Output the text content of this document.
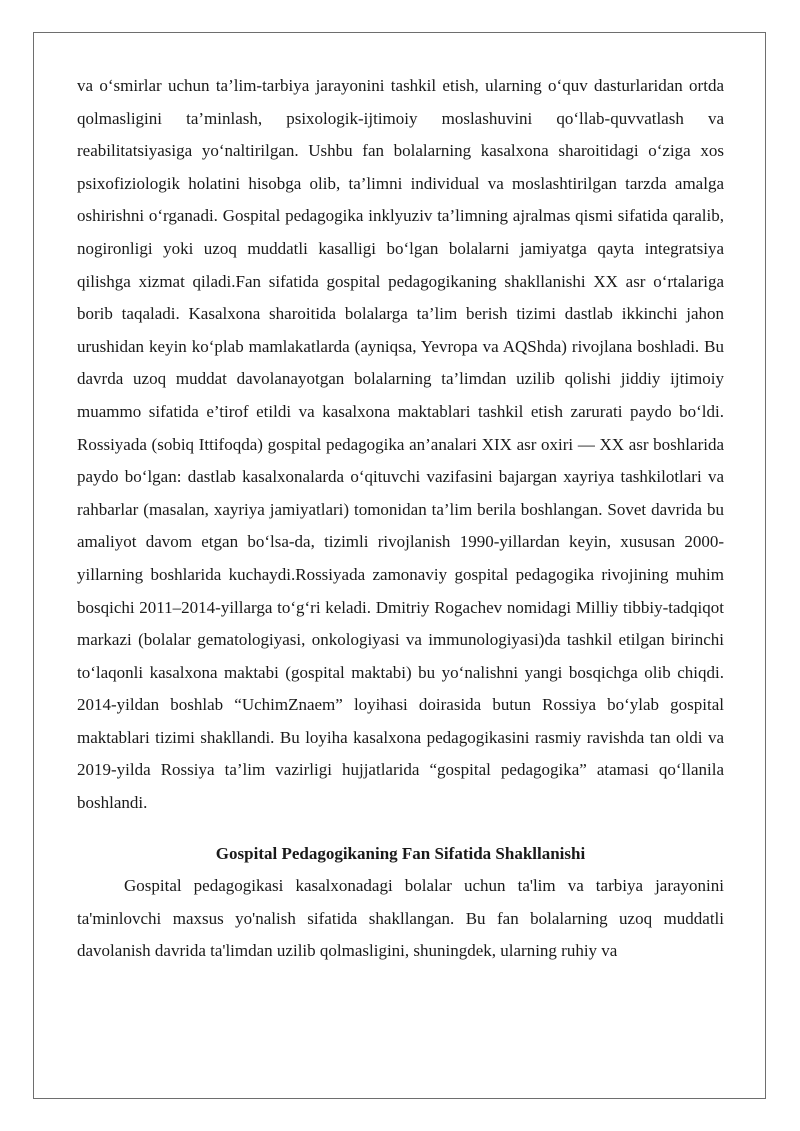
va o‘smirlar uchun ta’lim-tarbiya jarayonini tashkil etish, ularning o‘quv dasturlaridan ortda qolmasligini ta’minlash, psixologik-ijtimoiy moslashuvini qo‘llab-quvvatlash va reabilitatsiyasiga yo‘naltirilgan. Ushbu fan bolalarning kasalxona sharoitidagi o‘ziga xos psixofiziologik holatini hisobga olib, ta’limni individual va moslashtirilgan tarzda amalga oshirishni o‘rganadi. Gospital pedagogika inklyuziv ta’limning ajralmas qismi sifatida qaralib, nogironligi yoki uzoq muddatli kasalligi bo‘lgan bolalarni jamiyatga qayta integratsiya qilishga xizmat qiladi.Fan sifatida gospital pedagogikaning shakllanishi XX asr o‘rtalariga borib taqaladi. Kasalxona sharoitida bolalarga ta’lim berish tizimi dastlab ikkinchi jahon urushidan keyin ko‘plab mamlakatlarda (ayniqsa, Yevropa va AQShda) rivojlana boshladi. Bu davrda uzoq muddat davolanayotgan bolalarning ta’limdan uzilib qolishi jiddiy ijtimoiy muammo sifatida e’tirof etildi va kasalxona maktablari tashkil etish zarurati paydo bo‘ldi. Rossiyada (sobiq Ittifoqda) gospital pedagogika an’analari XIX asr oxiri — XX asr boshlarida paydo bo‘lgan: dastlab kasalxonalarda o‘qituvchi vazifasini bajargan xayriya tashkilotlari va rahbarlar (masalan, xayriya jamiyatlari) tomonidan ta’lim berila boshlangan. Sovet davrida bu amaliyot davom etgan bo‘lsa-da, tizimli rivojlanish 1990-yillardan keyin, xususan 2000-yillarning boshlarida kuchaydi.Rossiyada zamonaviy gospital pedagogika rivojining muhim bosqichi 2011–2014-yillarga to‘g‘ri keladi. Dmitriy Rogachev nomidagi Milliy tibbiy-tadqiqot markazi (bolalar gematologiyasi, onkologiyasi va immunologiyasi)da tashkil etilgan birinchi to‘laqonli kasalxona maktabi (gospital maktabi) bu yo‘nalishni yangi bosqichga olib chiqdi. 2014-yildan boshlab “UchimZnaem” loyihasi doirasida butun Rossiya bo‘ylab gospital maktablari tizimi shakllandi. Bu loyiha kasalxona pedagogikasini rasmiy ravishda tan oldi va 2019-yilda Rossiya ta’lim vazirligi hujjatlarida “gospital pedagogika” atamasi qo‘llanila boshlandi.

Gospital Pedagogikaning Fan Sifatida Shakllanishi

Gospital pedagogikasi kasalxonadagi bolalar uchun ta'lim va tarbiya jarayonini ta'minlovchi maxsus yo'nalish sifatida shakllangan. Bu fan bolalarning uzoq muddatli davolanish davrida ta'limdan uzilib qolmasligini, shuningdek, ularning ruhiy va
